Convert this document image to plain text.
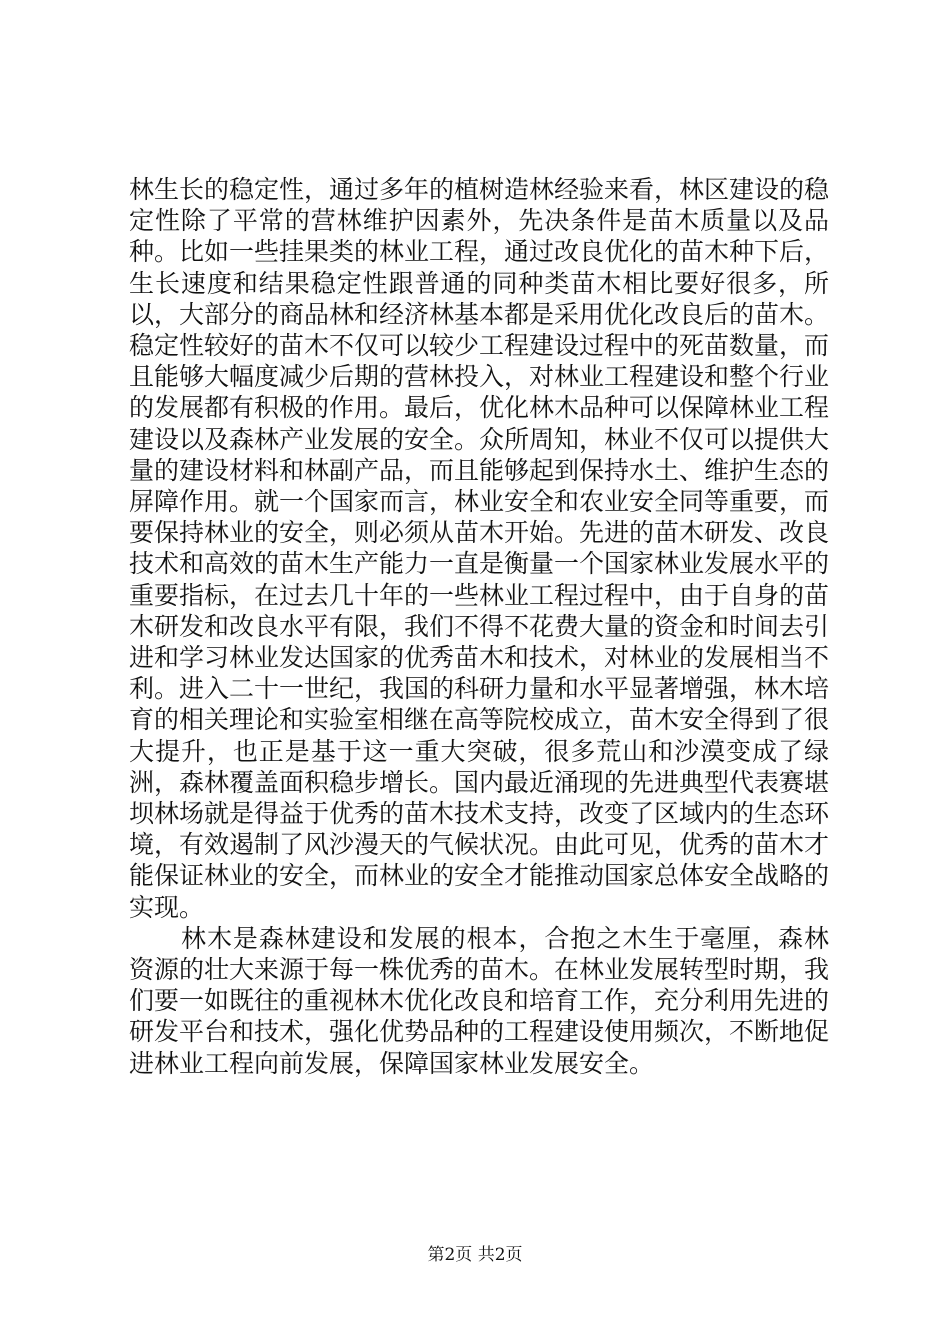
林生长的稳定性，通过多年的植树造林经验来看，林区建设的稳定性除了平常的营林维护因素外，先决条件是苗木质量以及品种。比如一些挂果类的林业工程，通过改良优化的苗木种下后，生长速度和结果稳定性跟普通的同种类苗木相比要好很多，所以，大部分的商品林和经济林基本都是采用优化改良后的苗木。稳定性较好的苗木不仅可以较少工程建设过程中的死苗数量，而且能够大幅度减少后期的营林投入，对林业工程建设和整个行业的发展都有积极的作用。最后，优化林木品种可以保障林业工程建设以及森林产业发展的安全。众所周知，林业不仅可以提供大量的建设材料和林副产品，而且能够起到保持水土、维护生态的屏障作用。就一个国家而言，林业安全和农业安全同等重要，而要保持林业的安全，则必须从苗木开始。先进的苗木研发、改良技术和高效的苗木生产能力一直是衡量一个国家林业发展水平的重要指标，在过去几十年的一些林业工程过程中，由于自身的苗木研发和改良水平有限，我们不得不花费大量的资金和时间去引进和学习林业发达国家的优秀苗木和技术，对林业的发展相当不利。进入二十一世纪，我国的科研力量和水平显著增强，林木培育的相关理论和实验室相继在高等院校成立，苗木安全得到了很大提升，也正是基于这一重大突破，很多荒山和沙漠变成了绿洲，森林覆盖面积稳步增长。国内最近涌现的先进典型代表赛堪坝林场就是得益于优秀的苗木技术支持，改变了区域内的生态环境，有效遏制了风沙漫天的气候状况。由此可见，优秀的苗木才能保证林业的安全，而林业的安全才能推动国家总体安全战略的实现。

林木是森林建设和发展的根本，合抱之木生于毫厘，森林资源的壮大来源于每一株优秀的苗木。在林业发展转型时期，我们要一如既往的重视林木优化改良和培育工作，充分利用先进的研发平台和技术，强化优势品种的工程建设使用频次，不断地促进林业工程向前发展，保障国家林业发展安全。

第2页 共2页
